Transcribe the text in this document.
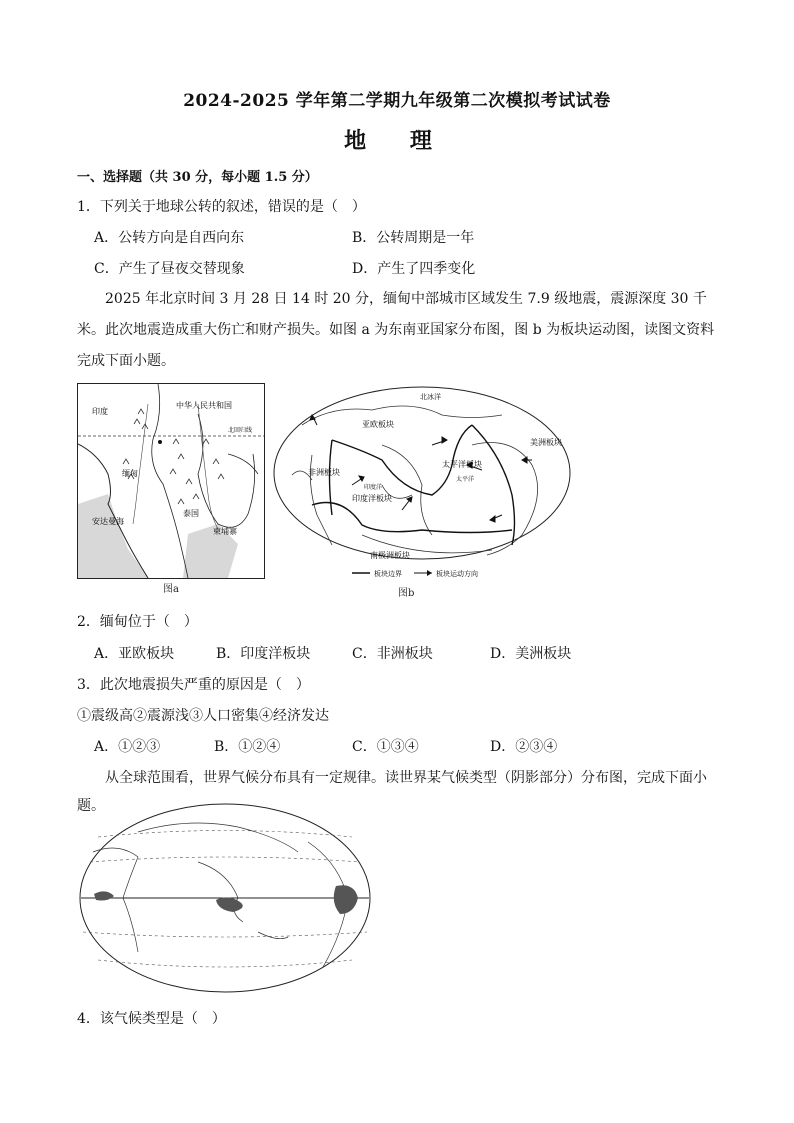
2024-2025 学年第二学期九年级第二次模拟考试试卷
地 理
一、选择题（共 30 分，每小题 1.5 分）
1．下列关于地球公转的叙述，错误的是（　）
A．公转方向是自西向东	B．公转周期是一年
C．产生了昼夜交替现象	D．产生了四季变化
2025 年北京时间 3 月 28 日 14 时 20 分，缅甸中部城市区域发生 7.9 级地震，震源深度 30 千米。此次地震造成重大伤亡和财产损失。如图 a 为东南亚国家分布图，图 b 为板块运动图，读图文资料完成下面小题。
中华人民共和国
印度
北回归线
缅甸
安达曼海
泰国
柬埔寨
图a
北冰洋
亚欧板块
非洲板块
太平洋板块
太平洋
印度洋板块
印度洋
美洲板块
南极洲板块
板块边界	板块运动方向
图b
2．缅甸位于（　）
A．亚欧板块	B．印度洋板块	C．非洲板块	D．美洲板块
3．此次地震损失严重的原因是（　）
①震级高②震源浅③人口密集④经济发达
A．①②③	B．①②④	C．①③④	D．②③④
从全球范围看，世界气候分布具有一定规律。读世界某气候类型（阴影部分）分布图，完成下面小题。
4．该气候类型是（　）
